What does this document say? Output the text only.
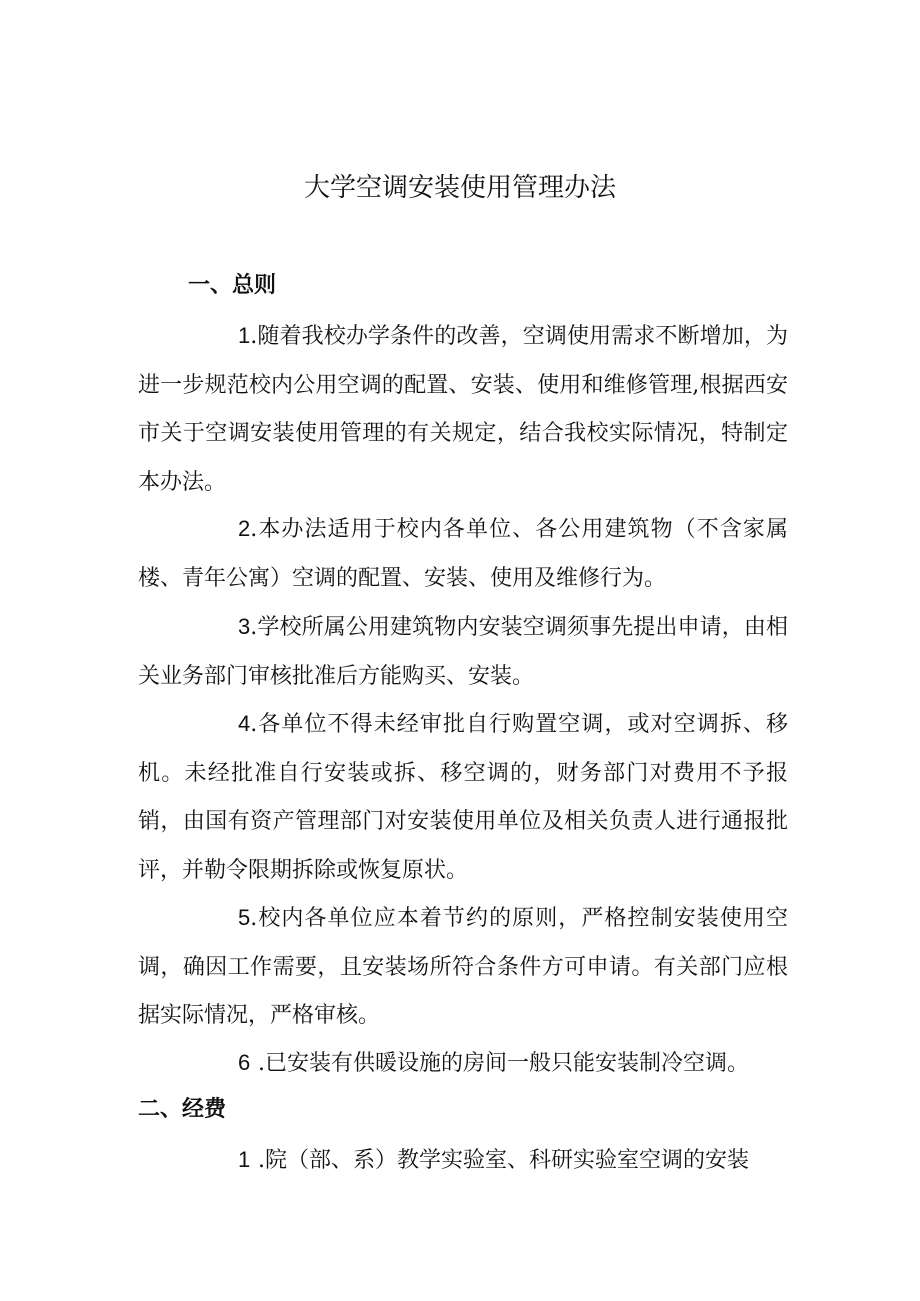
大学空调安装使用管理办法
一、总则
1.随着我校办学条件的改善，空调使用需求不断增加，为进一步规范校内公用空调的配置、安装、使用和维修管理,根据西安市关于空调安装使用管理的有关规定，结合我校实际情况，特制定本办法。
2.本办法适用于校内各单位、各公用建筑物（不含家属楼、青年公寓）空调的配置、安装、使用及维修行为。
3.学校所属公用建筑物内安装空调须事先提出申请，由相关业务部门审核批准后方能购买、安装。
4.各单位不得未经审批自行购置空调，或对空调拆、移机。未经批准自行安装或拆、移空调的，财务部门对费用不予报销，由国有资产管理部门对安装使用单位及相关负责人进行通报批评，并勒令限期拆除或恢复原状。
5.校内各单位应本着节约的原则，严格控制安装使用空调，确因工作需要，且安装场所符合条件方可申请。有关部门应根据实际情况，严格审核。
6 .已安装有供暖设施的房间一般只能安装制冷空调。
二、经费
1 .院（部、系）教学实验室、科研实验室空调的安装
